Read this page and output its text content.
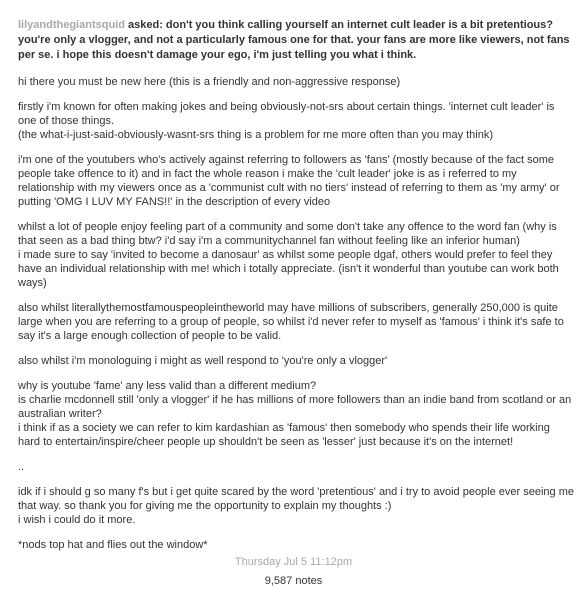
lilyandthegiantsquid asked: don't you think calling yourself an internet cult leader is a bit pretentious? you're only a vlogger, and not a particularly famous one for that. your fans are more like viewers, not fans per se. i hope this doesn't damage your ego, i'm just telling you what i think.

hi there you must be new here (this is a friendly and non-aggressive response)

firstly i'm known for often making jokes and being obviously-not-srs about certain things. 'internet cult leader' is one of those things.
(the what-i-just-said-obviously-wasnt-srs thing is a problem for me more often than you may think)

i'm one of the youtubers who's actively against referring to followers as 'fans' (mostly because of the fact some people take offence to it) and in fact the whole reason i make the 'cult leader' joke is as i referred to my relationship with my viewers once as a 'communist cult with no tiers' instead of referring to them as 'my army' or putting 'OMG I LUV MY FANS!!' in the description of every video

whilst a lot of people enjoy feeling part of a community and some don't take any offence to the word fan (why is that seen as a bad thing btw? i'd say i'm a communitychannel fan without feeling like an inferior human)
i made sure to say 'invited to become a danosaur' as whilst some people dgaf, others would prefer to feel they have an individual relationship with me! which i totally appreciate. (isn't it wonderful than youtube can work both ways)

also whilst literallythemostfamouspeopleintheworld may have millions of subscribers, generally 250,000 is quite large when you are referring to a group of people, so whilst i'd never refer to myself as 'famous' i think it's safe to say it's a large enough collection of people to be valid.

also whilst i'm monologuing i might as well respond to 'you're only a vlogger'

why is youtube 'fame' any less valid than a different medium?
is charlie mcdonnell still 'only a vlogger' if he has millions of more followers than an indie band from scotland or an australian writer?
i think if as a society we can refer to kim kardashian as 'famous' then somebody who spends their life working hard to entertain/inspire/cheer people up shouldn't be seen as 'lesser' just because it's on the internet!

..

idk if i should g so many f's but i get quite scared by the word 'pretentious' and i try to avoid people ever seeing me that way. so thank you for giving me the opportunity to explain my thoughts :)
i wish i could do it more.

*nods top hat and flies out the window*

Thursday Jul 5 11:12pm
9,587 notes
